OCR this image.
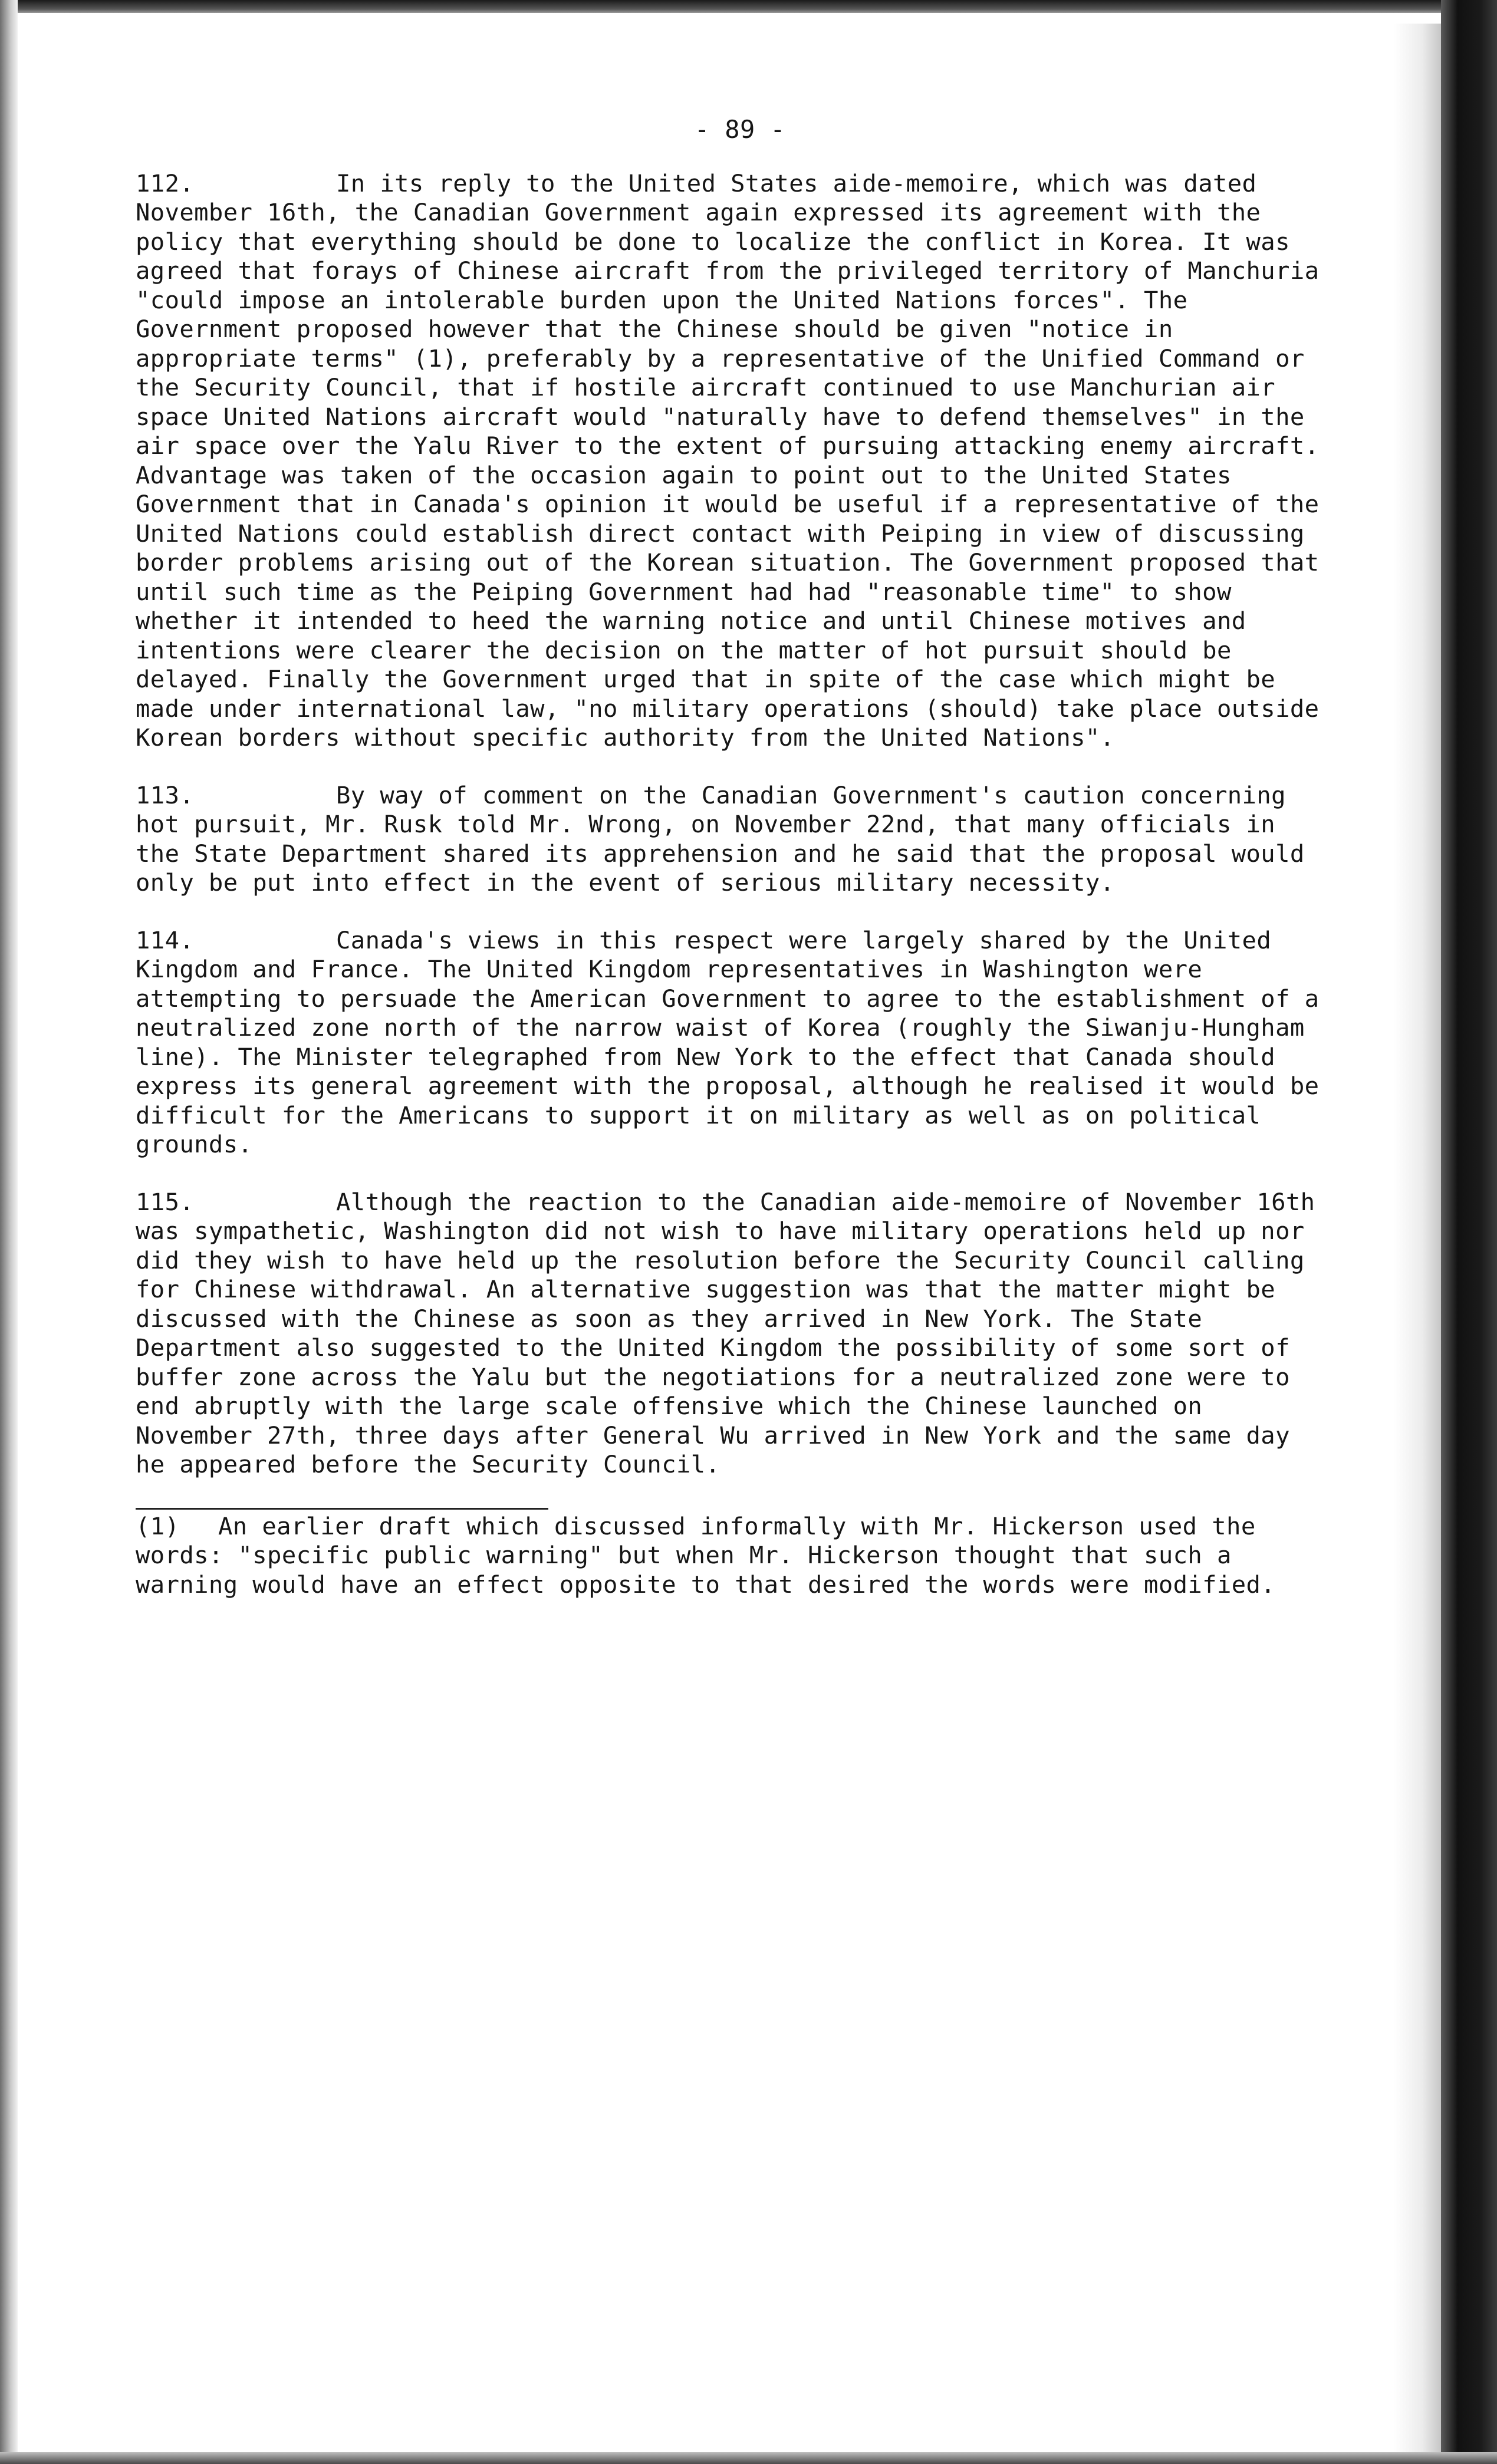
- 89 -

112.	In its reply to the United States aide-memoire, which was dated November 16th, the Canadian Government again expressed its agreement with the policy that everything should be done to localize the conflict in Korea. It was agreed that forays of Chinese aircraft from the privileged territory of Manchuria "could impose an intolerable burden upon the United Nations forces". The Government proposed however that the Chinese should be given "notice in appropriate terms" (1), preferably by a representative of the Unified Command or the Security Council, that if hostile aircraft continued to use Manchurian air space United Nations aircraft would "naturally have to defend themselves" in the air space over the Yalu River to the extent of pursuing attacking enemy aircraft. Advantage was taken of the occasion again to point out to the United States Government that in Canada's opinion it would be useful if a representative of the United Nations could establish direct contact with Peiping in view of discussing border problems arising out of the Korean situation. The Government proposed that until such time as the Peiping Government had had "reasonable time" to show whether it intended to heed the warning notice and until Chinese motives and intentions were clearer the decision on the matter of hot pursuit should be delayed. Finally the Government urged that in spite of the case which might be made under international law, "no military operations (should) take place outside Korean borders without specific authority from the United Nations".

113.	By way of comment on the Canadian Government's caution concerning hot pursuit, Mr. Rusk told Mr. Wrong, on November 22nd, that many officials in the State Department shared its apprehension and he said that the proposal would only be put into effect in the event of serious military necessity.

114.	Canada's views in this respect were largely shared by the United Kingdom and France. The United Kingdom representatives in Washington were attempting to persuade the American Government to agree to the establishment of a neutralized zone north of the narrow waist of Korea (roughly the Siwanju-Hungham line). The Minister telegraphed from New York to the effect that Canada should express its general agreement with the proposal, although he realised it would be difficult for the Americans to support it on military as well as on political grounds.

115.	Although the reaction to the Canadian aide-memoire of November 16th was sympathetic, Washington did not wish to have military operations held up nor did they wish to have held up the resolution before the Security Council calling for Chinese withdrawal. An alternative suggestion was that the matter might be discussed with the Chinese as soon as they arrived in New York. The State Department also suggested to the United Kingdom the possibility of some sort of buffer zone across the Yalu but the negotiations for a neutralized zone were to end abruptly with the large scale offensive which the Chinese launched on November 27th, three days after General Wu arrived in New York and the same day he appeared before the Security Council.

(1) An earlier draft which discussed informally with Mr. Hickerson used the words: "specific public warning" but when Mr. Hickerson thought that such a warning would have an effect opposite to that desired the words were modified.
